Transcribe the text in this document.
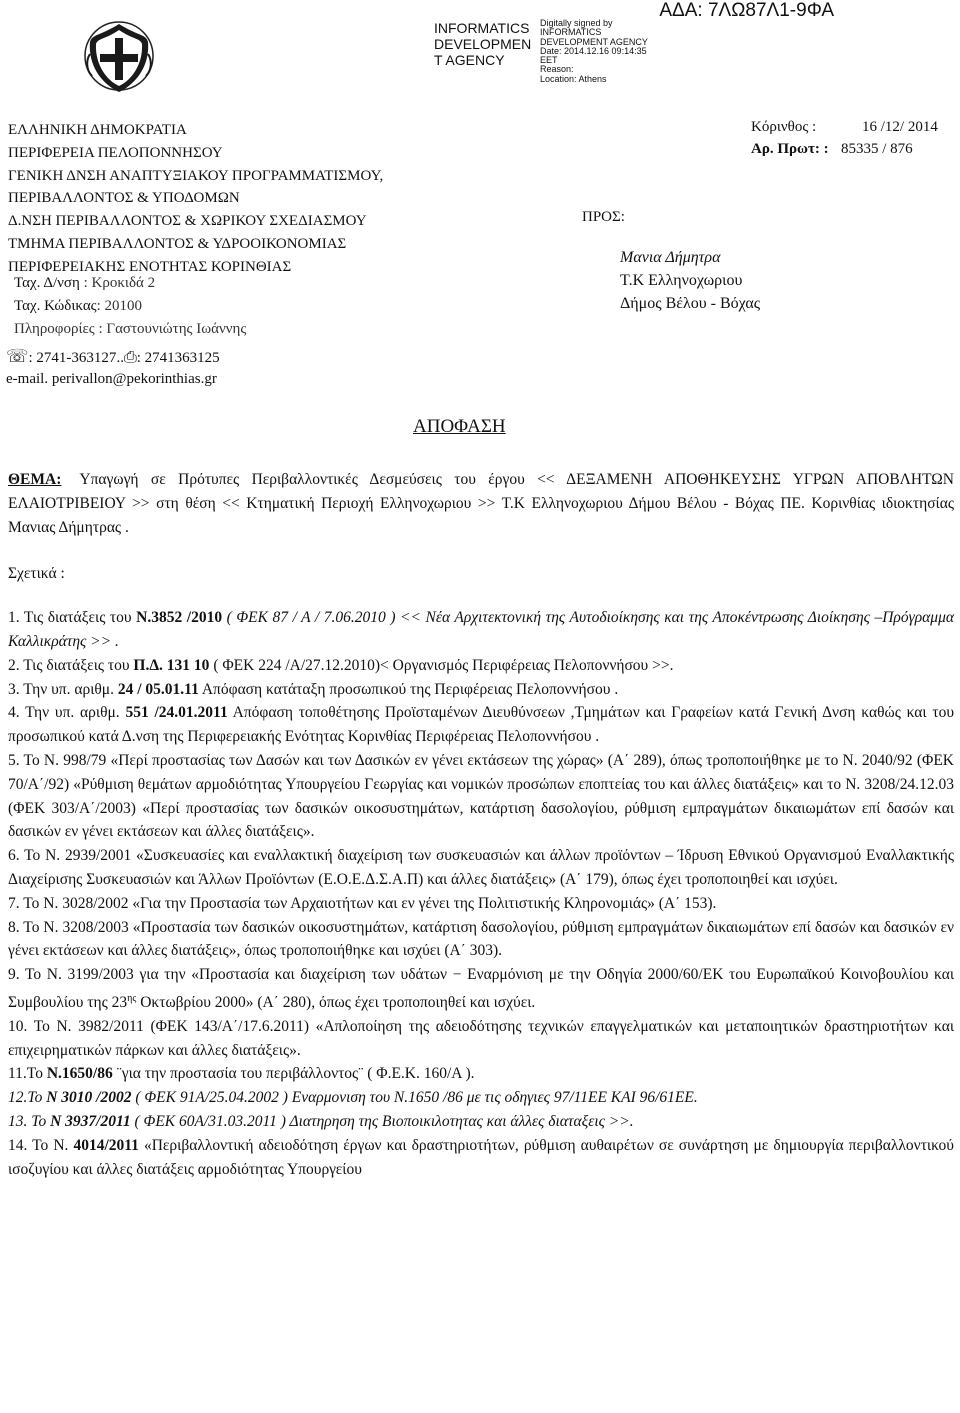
INFORMATICS
DEVELOPMEN
T AGENCY
Digitally signed by
INFORMATICS
DEVELOPMENT AGENCY
Date: 2014.12.16 09:14:35
EET
Reason:
Location: Athens
ΑΔΑ: 7ΛΩ87Λ1-9ΦΑ
ΕΛΛΗΝΙΚΗ ΔΗΜΟΚΡΑΤΙΑ
ΠΕΡΙΦΕΡΕΙΑ ΠΕΛΟΠΟΝΝΗΣΟΥ
ΓΕΝΙΚΗ ΔΝΣΗ ΑΝΑΠΤΥΞΙΑΚΟΥ ΠΡΟΓΡΑΜΜΑΤΙΣΜΟΥ,
ΠΕΡΙΒΑΛΛΟΝΤΟΣ & ΥΠΟΔΟΜΩΝ
Δ.ΝΣΗ ΠΕΡΙΒΑΛΛΟΝΤΟΣ & ΧΩΡΙΚΟΥ ΣΧΕΔΙΑΣΜΟΥ
ΤΜΗΜΑ ΠΕΡΙΒΑΛΛΟΝΤΟΣ & ΥΔΡΟΟΙΚΟΝΟΜΙΑΣ
ΠΕΡΙΦΕΡΕΙΑΚΗΣ ΕΝΟΤΗΤΑΣ ΚΟΡΙΝΘΙΑΣ
Ταχ. Δ/νση : Κροκιδά 2
Ταχ. Κώδικας: 20100
Πληροφορίες : Γαστουνιώτης Ιωάννης
☏: 2741-363127..⎙: 2741363125
e-mail. perivallon@pekorinthias.gr
Κόρινθος :	16 /12/ 2014
Αρ. Πρωτ: : 85335 / 876
ΠΡΟΣ:
Μανια Δήμητρα
Τ.Κ Ελληνοχωριου
Δήμος Βέλου - Βόχας
ΑΠΟΦΑΣΗ

ΘΕΜΑ: Υπαγωγή σε Πρότυπες Περιβαλλοντικές Δεσμεύσεις του έργου << ΔΕΞΑΜΕΝΗ ΑΠΟΘΗΚΕΥΣΗΣ ΥΓΡΩΝ ΑΠΟΒΛΗΤΩΝ ΕΛΑΙΟΤΡΙΒΕΙΟΥ >> στη θέση << Κτηματική Περιοχή Ελληνοχωριου >> Τ.Κ Ελληνοχωριου Δήμου Βέλου - Βόχας ΠΕ. Κορινθίας ιδιοκτησίας Μανιας Δήμητρας .

Σχετικά :

1. Τις διατάξεις του Ν.3852 /2010 ( ΦΕΚ 87 / Α / 7.06.2010 ) << Νέα Αρχιτεκτονική της Αυτοδιοίκησης και της Αποκέντρωσης Διοίκησης –Πρόγραμμα Καλλικράτης >> .

2. Τις διατάξεις του Π.Δ. 131 10 ( ΦΕΚ 224 /Α/27.12.2010)< Οργανισμός Περιφέρειας Πελοποννήσου >>.

3. Την υπ. αριθμ. 24 / 05.01.11 Απόφαση κατάταξη προσωπικού της Περιφέρειας Πελοποννήσου .

4. Την υπ. αριθμ. 551 /24.01.2011 Απόφαση τοποθέτησης Προϊσταμένων Διευθύνσεων ,Τμημάτων και Γραφείων κατά Γενική Δνση καθώς και του προσωπικού κατά Δ.νση της Περιφερειακής Ενότητας Κορινθίας Περιφέρειας Πελοποννήσου .

5. Το Ν. 998/79 «Περί προστασίας των Δασών και των Δασικών εν γένει εκτάσεων της χώρας» (Α΄ 289), όπως τροποποιήθηκε με το Ν. 2040/92 (ΦΕΚ 70/Α΄/92) «Ρύθμιση θεμάτων αρμοδιότητας Υπουργείου Γεωργίας και νομικών προσώπων εποπτείας του και άλλες διατάξεις» και το Ν. 3208/24.12.03 (ΦΕΚ 303/Α΄/2003) «Περί προστασίας των δασικών οικοσυστημάτων, κατάρτιση δασολογίου, ρύθμιση εμπραγμάτων δικαιωμάτων επί δασών και δασικών εν γένει εκτάσεων και άλλες διατάξεις».

6. Το Ν. 2939/2001 «Συσκευασίες και εναλλακτική διαχείριση των συσκευασιών και άλλων προϊόντων – Ίδρυση Εθνικού Οργανισμού Εναλλακτικής Διαχείρισης Συσκευασιών και Άλλων Προϊόντων (Ε.Ο.Ε.Δ.Σ.Α.Π) και άλλες διατάξεις» (Α΄ 179), όπως έχει τροποποιηθεί και ισχύει.

7. Το Ν. 3028/2002 «Για την Προστασία των Αρχαιοτήτων και εν γένει της Πολιτιστικής Κληρονομιάς» (Α΄ 153).

8. Το Ν. 3208/2003 «Προστασία των δασικών οικοσυστημάτων, κατάρτιση δασολογίου, ρύθμιση εμπραγμάτων δικαιωμάτων επί δασών και δασικών εν γένει εκτάσεων και άλλες διατάξεις», όπως τροποποιήθηκε και ισχύει (Α΄ 303).

9. Το Ν. 3199/2003 για την «Προστασία και διαχείριση των υδάτων − Εναρμόνιση με την Οδηγία 2000/60/ΕΚ του Ευρωπαϊκού Κοινοβουλίου και Συμβουλίου της $23^{\eta\varsigma}$ Οκτωβρίου 2000» (Α΄ 280), όπως έχει τροποποιηθεί και ισχύει.

10. Το Ν. 3982/2011 (ΦΕΚ 143/Α΄/17.6.2011) «Απλοποίηση της αδειοδότησης τεχνικών επαγγελματικών και μεταποιητικών δραστηριοτήτων και επιχειρηματικών πάρκων και άλλες διατάξεις».

11.Το Ν.1650/86 ¨για την προστασία του περιβάλλοντος¨ ( Φ.Ε.Κ. 160/Α ).

12.Το Ν 3010 /2002 ( ΦΕΚ 91Α/25.04.2002 ) Εναρμονιση του Ν.1650 /86 με τις οδηγιες 97/11ΕΕ ΚΑΙ 96/61ΕΕ.

13. Το Ν 3937/2011 ( ΦΕΚ 60Α/31.03.2011 ) Διατηρηση της Βιοποικιλοτητας και άλλες διαταξεις >>.

14. Το Ν. 4014/2011 «Περιβαλλοντική αδειοδότηση έργων και δραστηριοτήτων, ρύθμιση αυθαιρέτων σε συνάρτηση με δημιουργία περιβαλλοντικού ισοζυγίου και άλλες διατάξεις αρμοδιότητας Υπουργείου
